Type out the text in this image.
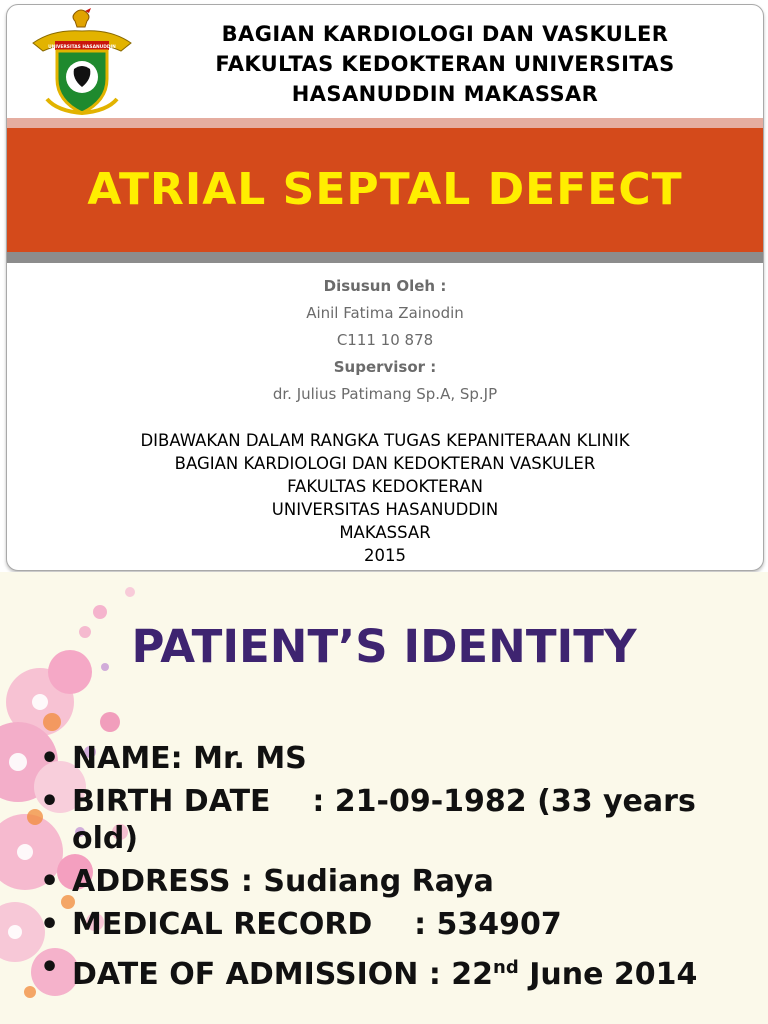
UNIVERSITAS HASANUDDIN
BAGIAN KARDIOLOGI DAN VASKULER
FAKULTAS KEDOKTERAN UNIVERSITAS
HASANUDDIN MAKASSAR
ATRIAL SEPTAL DEFECT
Disusun Oleh :
Ainil Fatima Zainodin
C111 10 878
Supervisor :
dr. Julius Patimang Sp.A, Sp.JP
DIBAWAKAN DALAM RANGKA TUGAS KEPANITERAAN KLINIK
BAGIAN KARDIOLOGI DAN KEDOKTERAN VASKULER
FAKULTAS KEDOKTERAN
UNIVERSITAS HASANUDDIN
MAKASSAR
2015
PATIENT’S IDENTITY
• NAME: Mr. MS
• BIRTH DATE    : 21-09-1982 (33 years old)
• ADDRESS : Sudiang Raya
• MEDICAL RECORD    : 534907
• DATE OF ADMISSION : 22nd June 2014
